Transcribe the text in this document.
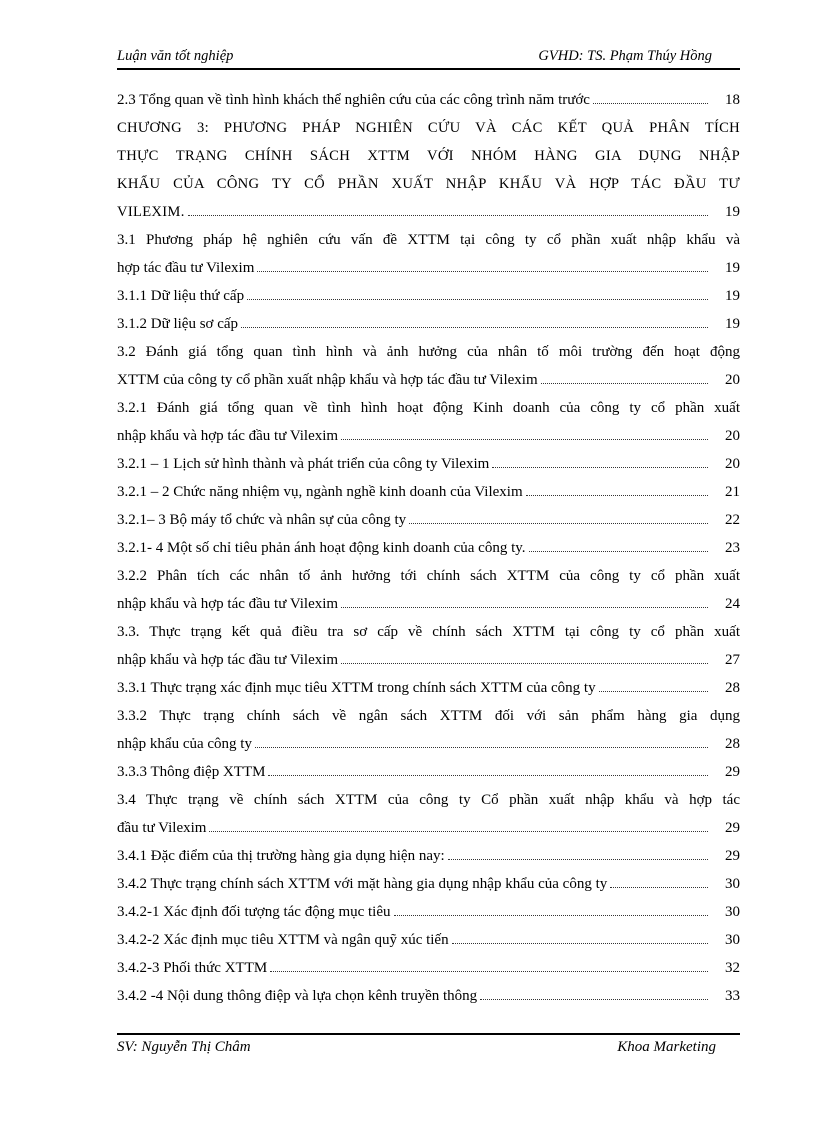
Luận văn tốt nghiệp	GVHD: TS. Phạm Thúy Hồng
2.3 Tổng quan về tình hình khách thể nghiên cứu của các công trình năm trước	18
CHƯƠNG 3: PHƯƠNG PHÁP NGHIÊN CỨU VÀ CÁC KẾT QUẢ PHÂN TÍCH
THỰC TRẠNG CHÍNH SÁCH XTTM VỚI NHÓM HÀNG GIA DỤNG NHẬP
KHẨU CỦA CÔNG TY CỔ PHẦN XUẤT NHẬP KHẨU VÀ HỢP TÁC ĐẦU TƯ
VILEXIM.	19
3.1 Phương pháp hệ nghiên cứu vấn đề XTTM tại công ty cổ phần xuất nhập khẩu và
hợp tác đầu tư Vilexim	19
3.1.1 Dữ liệu thứ cấp	19
3.1.2 Dữ liệu sơ cấp	19
3.2 Đánh giá tổng quan tình hình và ảnh hưởng của nhân tố môi trường đến hoạt động
XTTM của công ty cổ phần xuất nhập khẩu và hợp tác đầu tư Vilexim	20
3.2.1 Đánh giá tổng quan về tình hình hoạt động Kinh doanh của công ty cổ phần xuất
nhập khẩu và hợp tác đầu tư Vilexim	20
3.2.1 – 1 Lịch sử hình thành và phát triển của công ty Vilexim	20
3.2.1 – 2 Chức năng nhiệm vụ, ngành nghề kinh doanh của Vilexim	21
3.2.1– 3 Bộ máy tổ chức và nhân sự của công ty	22
3.2.1- 4 Một số chỉ tiêu phản ánh hoạt động kinh doanh của công ty.	23
3.2.2 Phân tích các nhân tố ảnh hưởng tới chính sách XTTM của công ty cổ phần xuất
nhập khẩu và hợp tác đầu tư Vilexim	24
3.3. Thực trạng kết quả điều tra sơ cấp về chính sách XTTM tại công ty cổ phần xuất
nhập khẩu và hợp tác đầu tư Vilexim	27
3.3.1 Thực trạng xác định mục tiêu XTTM trong chính sách XTTM của công ty	28
3.3.2 Thực trạng chính sách về ngân sách XTTM đối với sản phẩm hàng gia dụng
nhập khẩu của công ty	28
3.3.3 Thông điệp XTTM	29
3.4 Thực trạng về chính sách XTTM của công ty Cổ phần xuất nhập khẩu và hợp tác
đầu tư Vilexim	29
3.4.1 Đặc điểm của thị trường hàng gia dụng hiện nay:	29
3.4.2 Thực trạng chính sách XTTM với mặt hàng gia dụng nhập khẩu của công ty	30
3.4.2-1 Xác định đối tượng tác động mục tiêu	30
3.4.2-2 Xác định mục tiêu XTTM và ngân quỹ xúc tiến	30
3.4.2-3 Phối thức XTTM	32
3.4.2 -4 Nội dung thông điệp và lựa chọn kênh truyền thông	33
SV: Nguyễn Thị Châm	Khoa Marketing
